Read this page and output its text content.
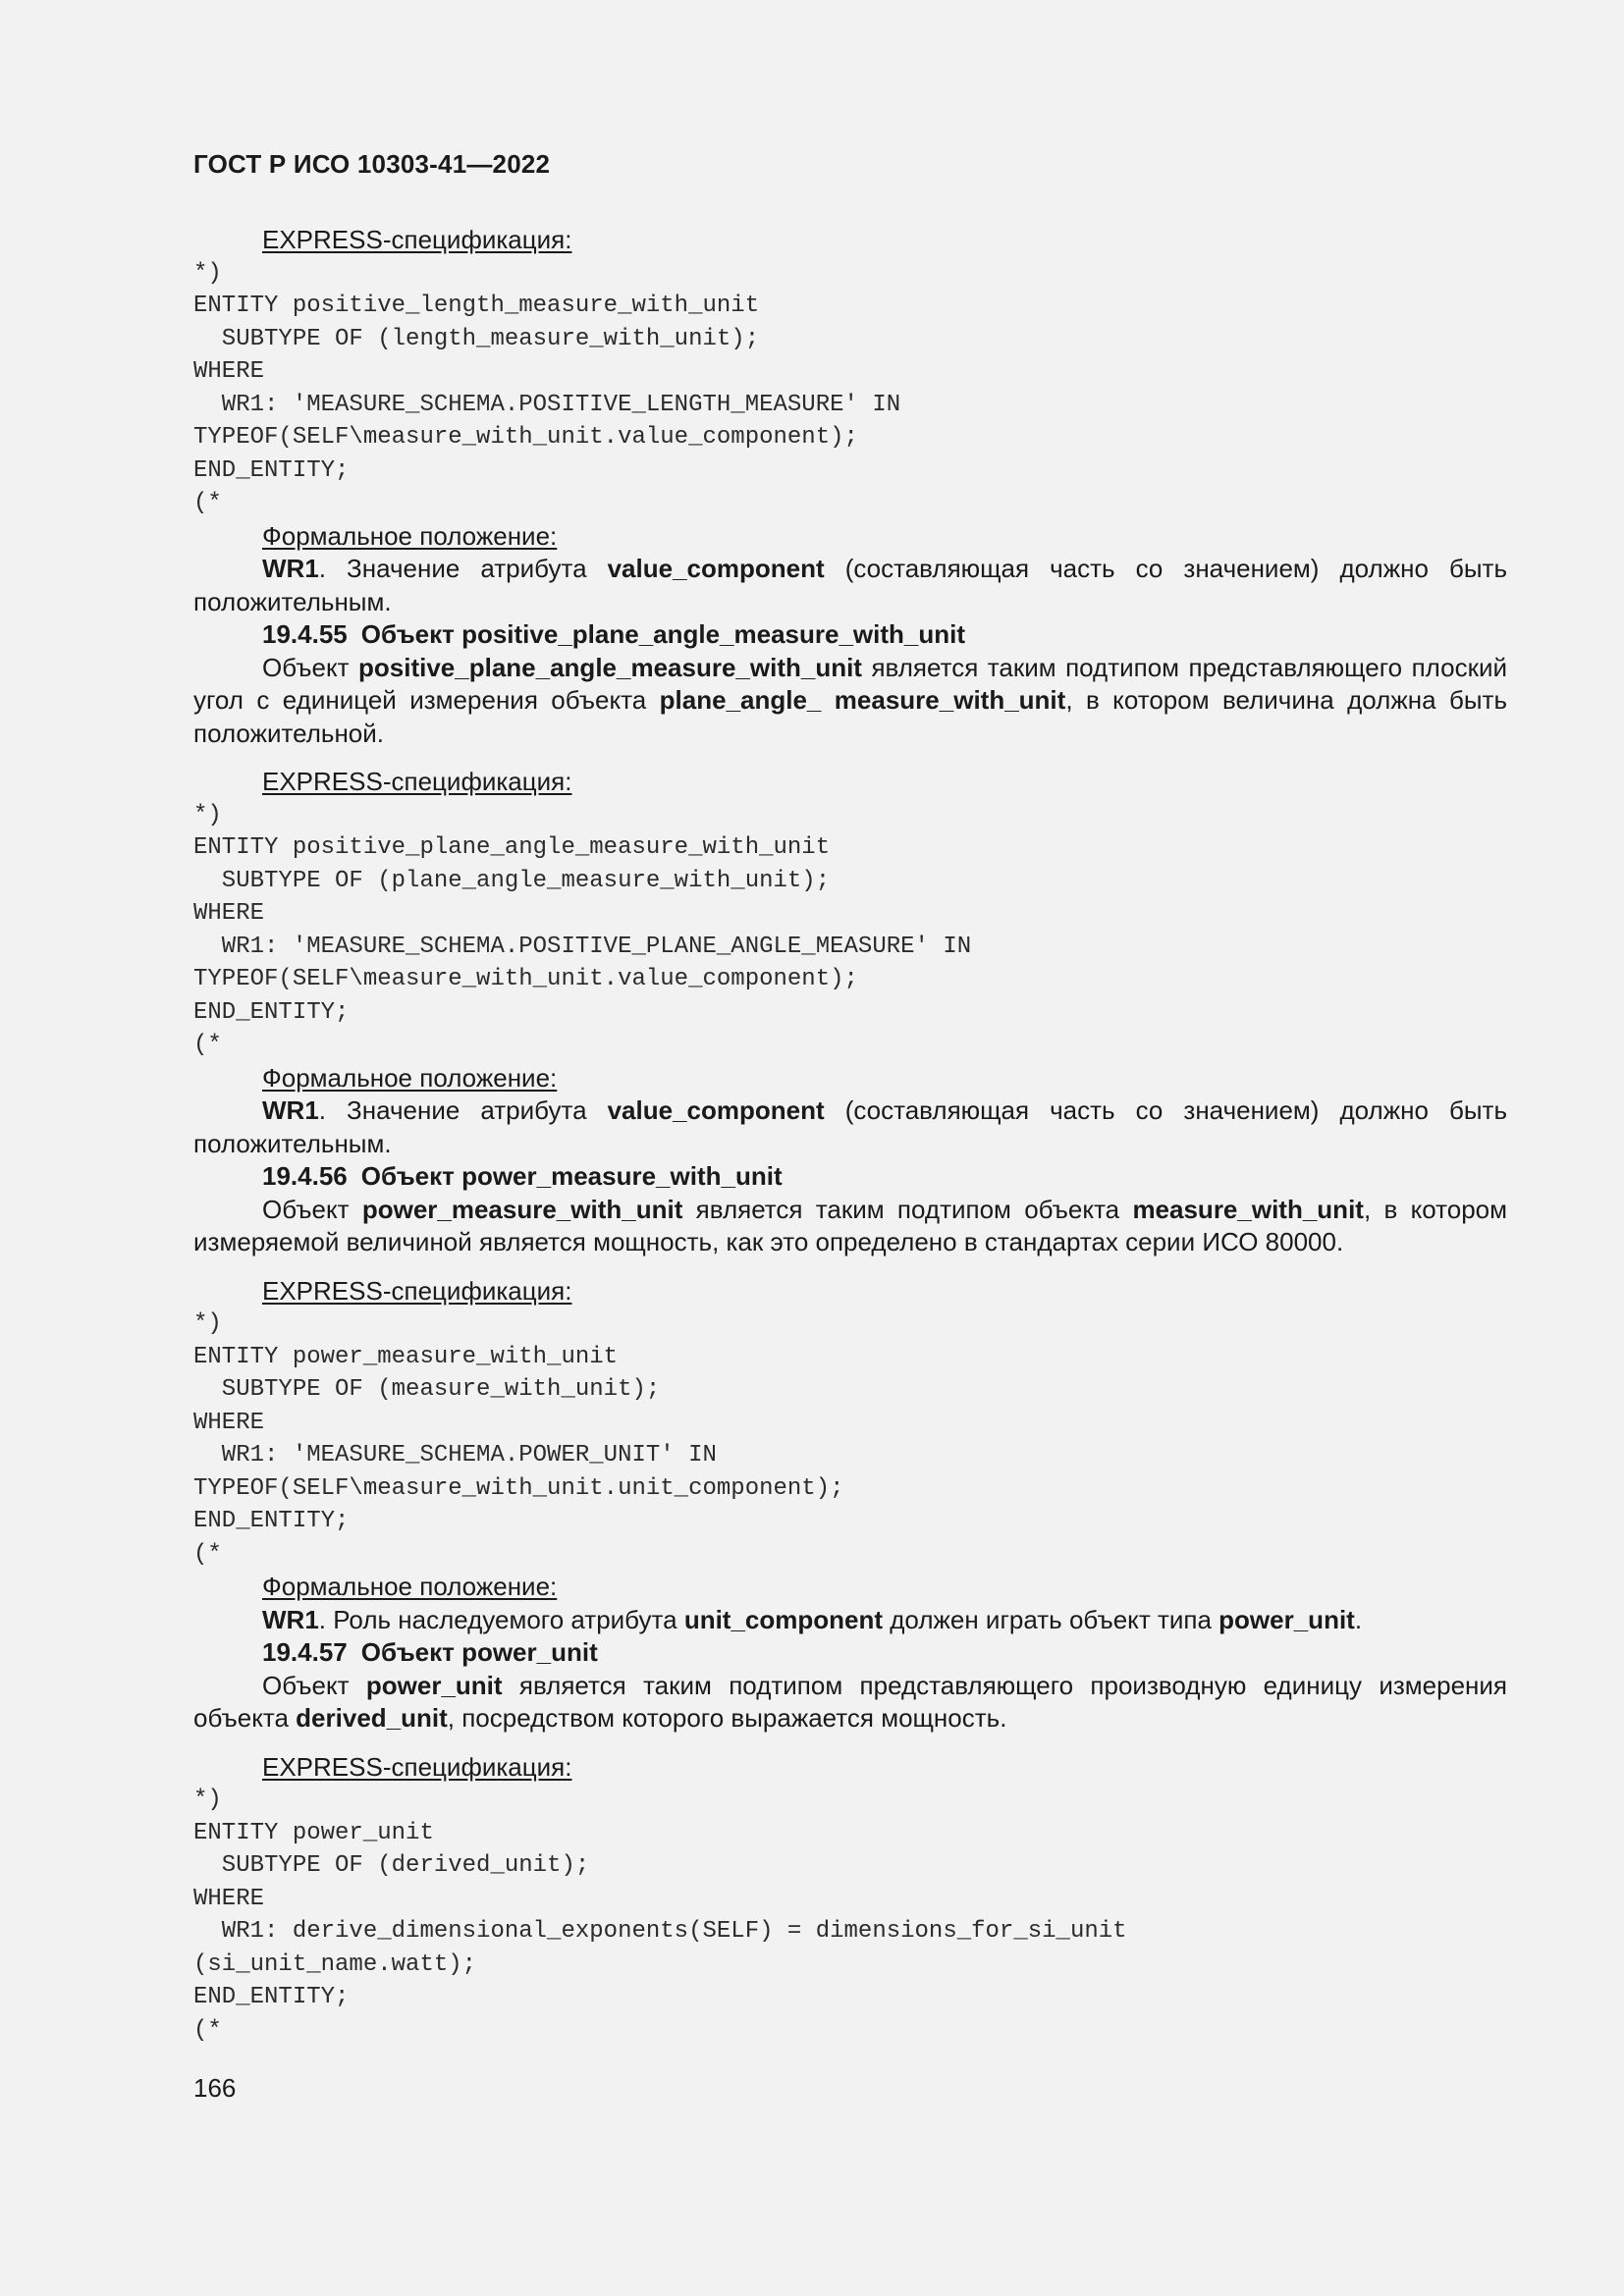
ГОСТ Р ИСО 10303-41—2022
EXPRESS-спецификация:
*)
ENTITY positive_length_measure_with_unit
SUBTYPE OF (length_measure_with_unit);
WHERE
WR1: 'MEASURE_SCHEMA.POSITIVE_LENGTH_MEASURE' IN
TYPEOF(SELF\measure_with_unit.value_component);
END_ENTITY;
(*
Формальное положение:

WR1. Значение атрибута value_component (составляющая часть со значением) должно быть положительным.

19.4.55 Объект positive_plane_angle_measure_with_unit

Объект positive_plane_angle_measure_with_unit является таким подтипом представляющего плоский угол с единицей измерения объекта plane_angle_ measure_with_unit, в котором величина должна быть положительной.

EXPRESS-спецификация:
*)
ENTITY positive_plane_angle_measure_with_unit
SUBTYPE OF (plane_angle_measure_with_unit);
WHERE
WR1: 'MEASURE_SCHEMA.POSITIVE_PLANE_ANGLE_MEASURE' IN
TYPEOF(SELF\measure_with_unit.value_component);
END_ENTITY;
(*
Формальное положение:

WR1. Значение атрибута value_component (составляющая часть со значением) должно быть положительным.

19.4.56 Объект power_measure_with_unit

Объект power_measure_with_unit является таким подтипом объекта measure_with_unit, в котором измеряемой величиной является мощность, как это определено в стандартах серии ИСО 80000.

EXPRESS-спецификация:
*)
ENTITY power_measure_with_unit
SUBTYPE OF (measure_with_unit);
WHERE
WR1: 'MEASURE_SCHEMA.POWER_UNIT' IN
TYPEOF(SELF\measure_with_unit.unit_component);
END_ENTITY;
(*
Формальное положение:

WR1. Роль наследуемого атрибута unit_component должен играть объект типа power_unit.

19.4.57 Объект power_unit

Объект power_unit является таким подтипом представляющего производную единицу измерения объекта derived_unit, посредством которого выражается мощность.

EXPRESS-спецификация:
*)
ENTITY power_unit
SUBTYPE OF (derived_unit);
WHERE
WR1: derive_dimensional_exponents(SELF) = dimensions_for_si_unit
(si_unit_name.watt);
END_ENTITY;
(*
166
